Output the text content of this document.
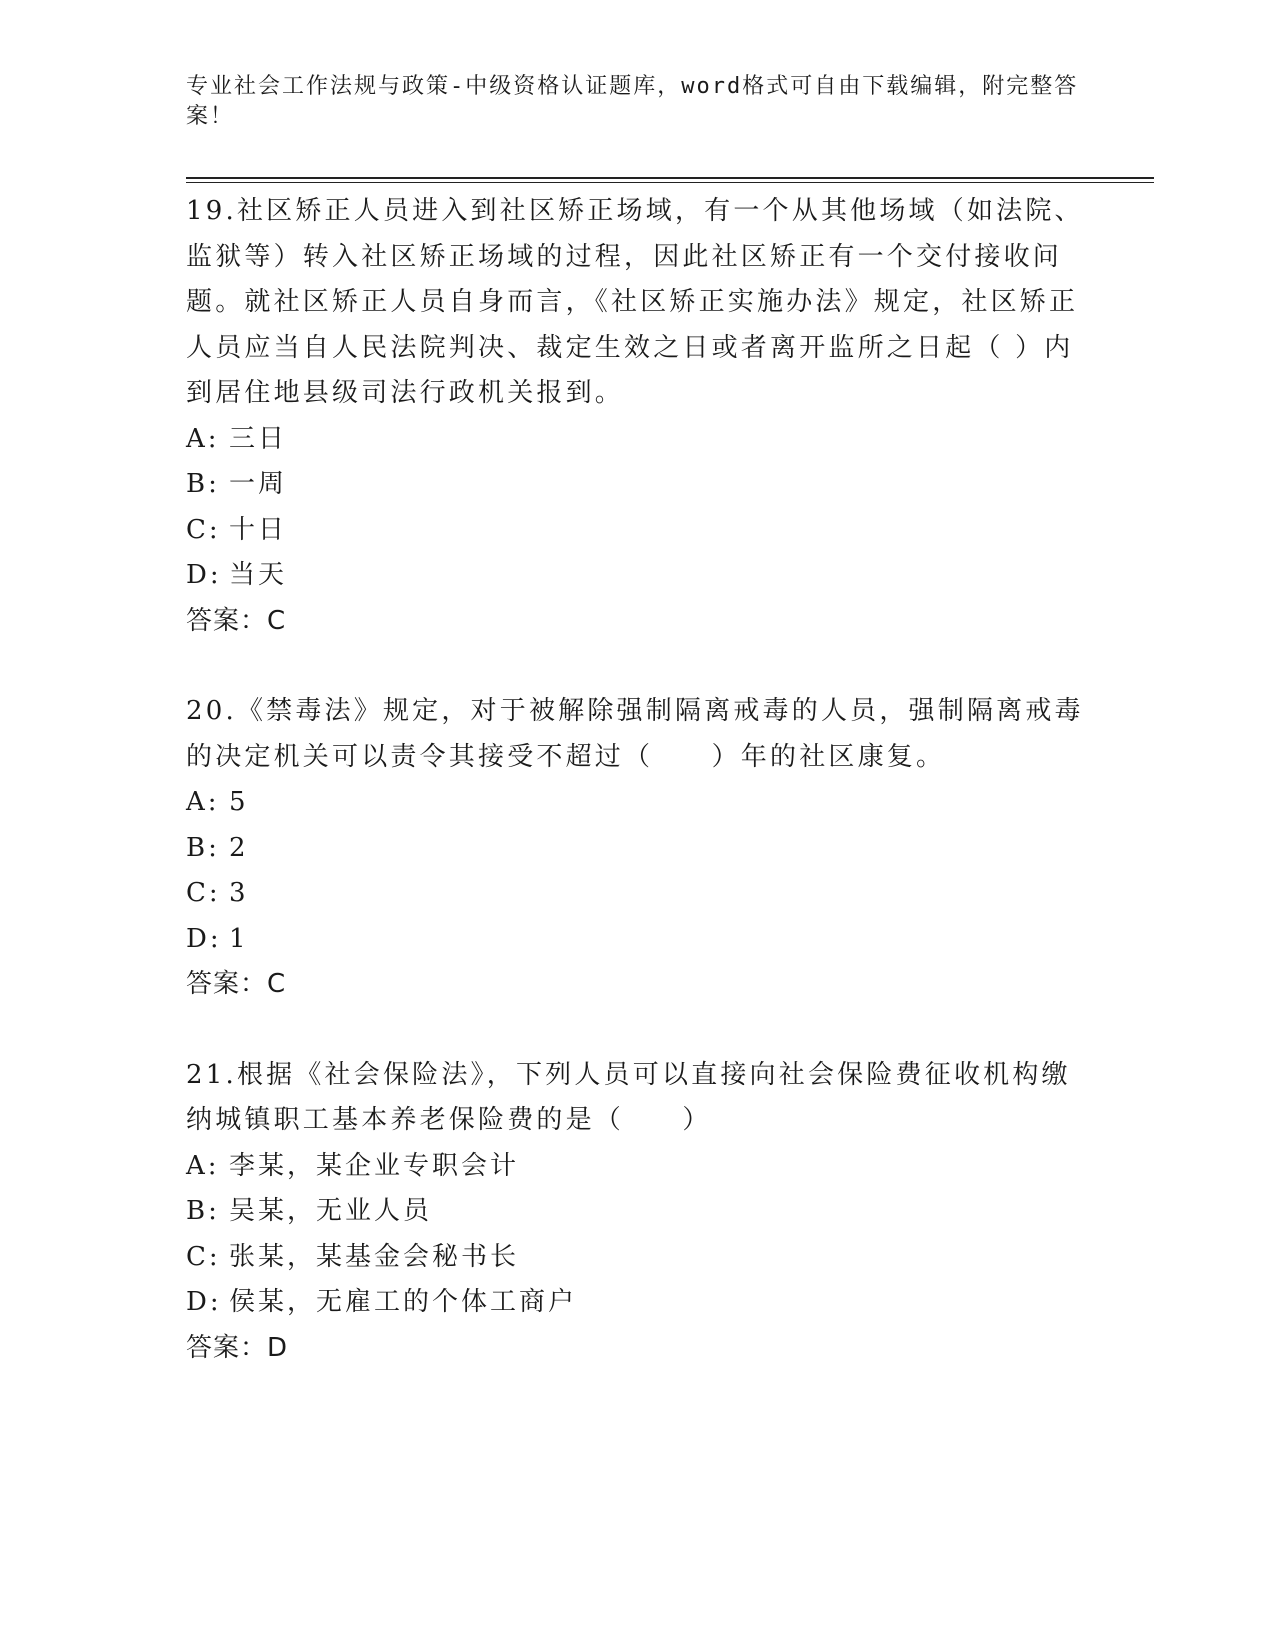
专业社会工作法规与政策-中级资格认证题库，word格式可自由下载编辑，附完整答案！

19.社区矫正人员进入到社区矫正场域，有一个从其他场域（如法院、监狱等）转入社区矫正场域的过程，因此社区矫正有一个交付接收问题。就社区矫正人员自身而言，《社区矫正实施办法》规定，社区矫正人员应当自人民法院判决、裁定生效之日或者离开监所之日起（ ）内到居住地县级司法行政机关报到。

A: 三日
B: 一周
C: 十日
D: 当天
答案：C

20.《禁毒法》规定，对于被解除强制隔离戒毒的人员，强制隔离戒毒的决定机关可以责令其接受不超过（　　）年的社区康复。

A: 5
B: 2
C: 3
D: 1
答案：C

21.根据《社会保险法》，下列人员可以直接向社会保险费征收机构缴纳城镇职工基本养老保险费的是（　　）

A: 李某，某企业专职会计
B: 吴某，无业人员
C: 张某，某基金会秘书长
D: 侯某，无雇工的个体工商户
答案：D
